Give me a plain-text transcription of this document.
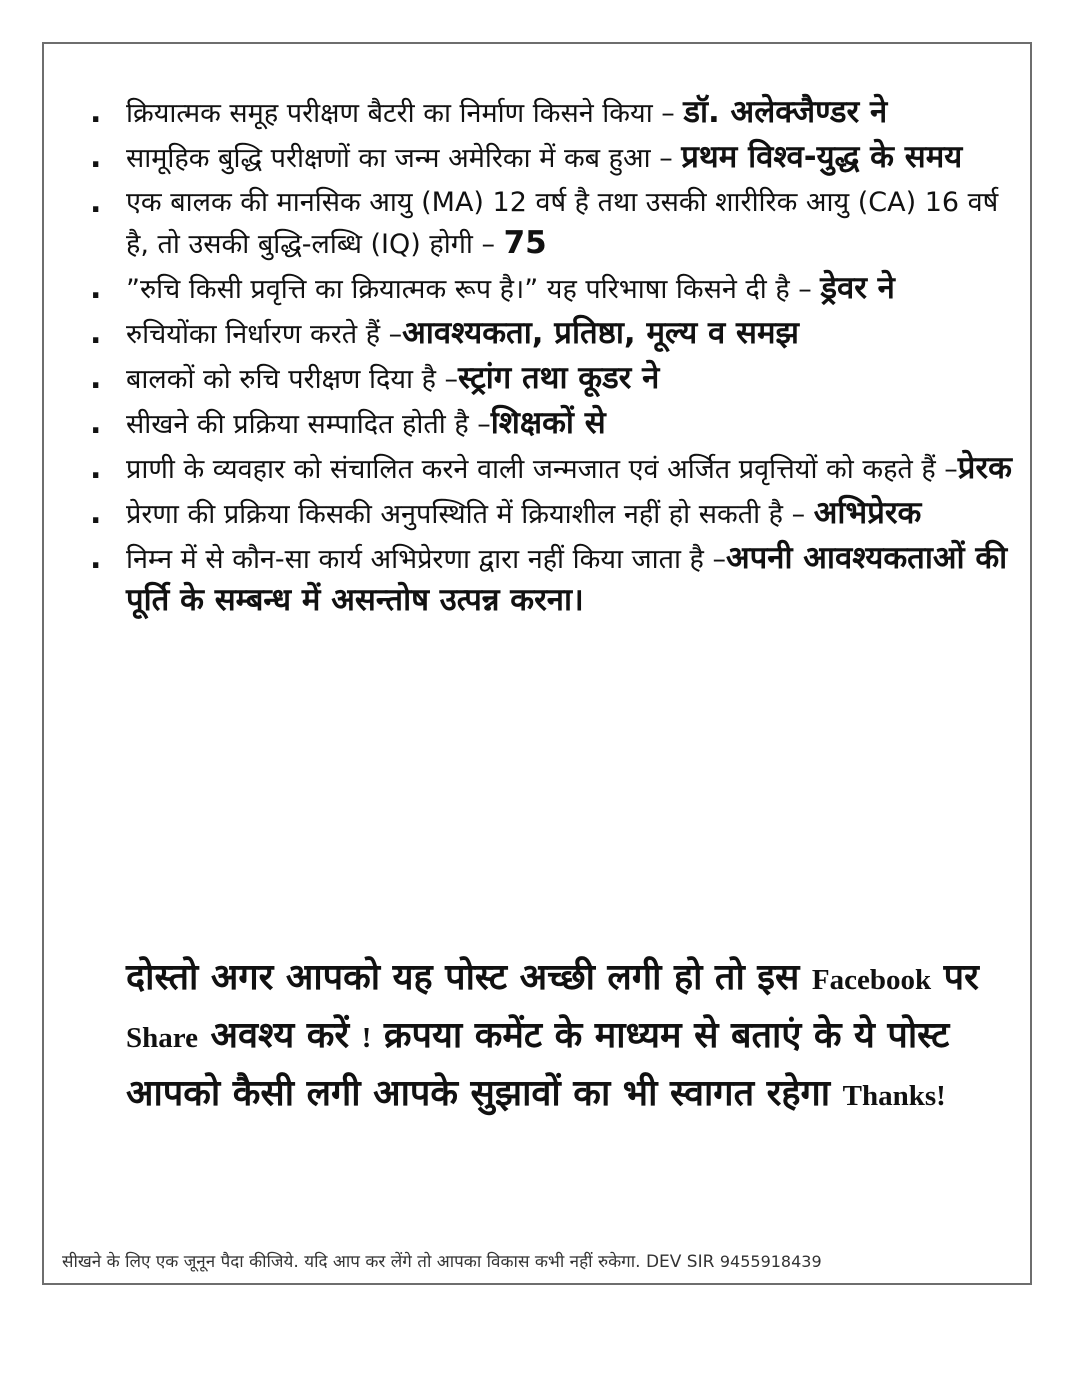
. क्रियात्मक समूह परीक्षण बैटरी का निर्माण किसने किया – डॉ. अलेक्जैण्डर ने
. सामूहिक बुद्धि परीक्षणों का जन्म अमेरिका में कब हुआ – प्रथम विश्व-युद्ध के समय
. एक बालक की मानसिक आयु (MA) 12 वर्ष है तथा उसकी शारीरिक आयु (CA) 16 वर्ष है, तो उसकी बुद्धि-लब्धि (IQ) होगी – 75
. ”रुचि किसी प्रवृत्ति का क्रियात्मक रूप है।” यह परिभाषा किसने दी है – ड्रेवर ने
. रुचियोंका निर्धारण करते हैं –आवश्यकता, प्रतिष्ठा, मूल्य व समझ
. बालकों को रुचि परीक्षण दिया है –स्ट्रांग तथा कूडर ने
. सीखने की प्रक्रिया सम्पादित होती है –शिक्षकों से
. प्राणी के व्यवहार को संचालित करने वाली जन्मजात एवं अर्जित प्रवृत्तियों को कहते हैं –प्रेरक
. प्रेरणा की प्रक्रिया किसकी अनुपस्थिति में क्रियाशील नहीं हो सकती है – अभिप्रेरक
. निम्न में से कौन-सा कार्य अभिप्रेरणा द्वारा नहीं किया जाता है –अपनी आवश्यकताओं की पूर्ति के सम्बन्ध में असन्तोष उत्पन्न करना।

दोस्तो अगर आपको यह पोस्ट अच्छी लगी हो तो इस Facebook पर Share अवश्य करें ! क्रपया कमेंट के माध्यम से बताएं के ये पोस्ट आपको कैसी लगी आपके सुझावों का भी स्वागत रहेगा Thanks!

सीखने के लिए एक जूनून पैदा कीजिये. यदि आप कर लेंगे तो आपका विकास कभी नहीं रुकेगा. DEV SIR 9455918439
